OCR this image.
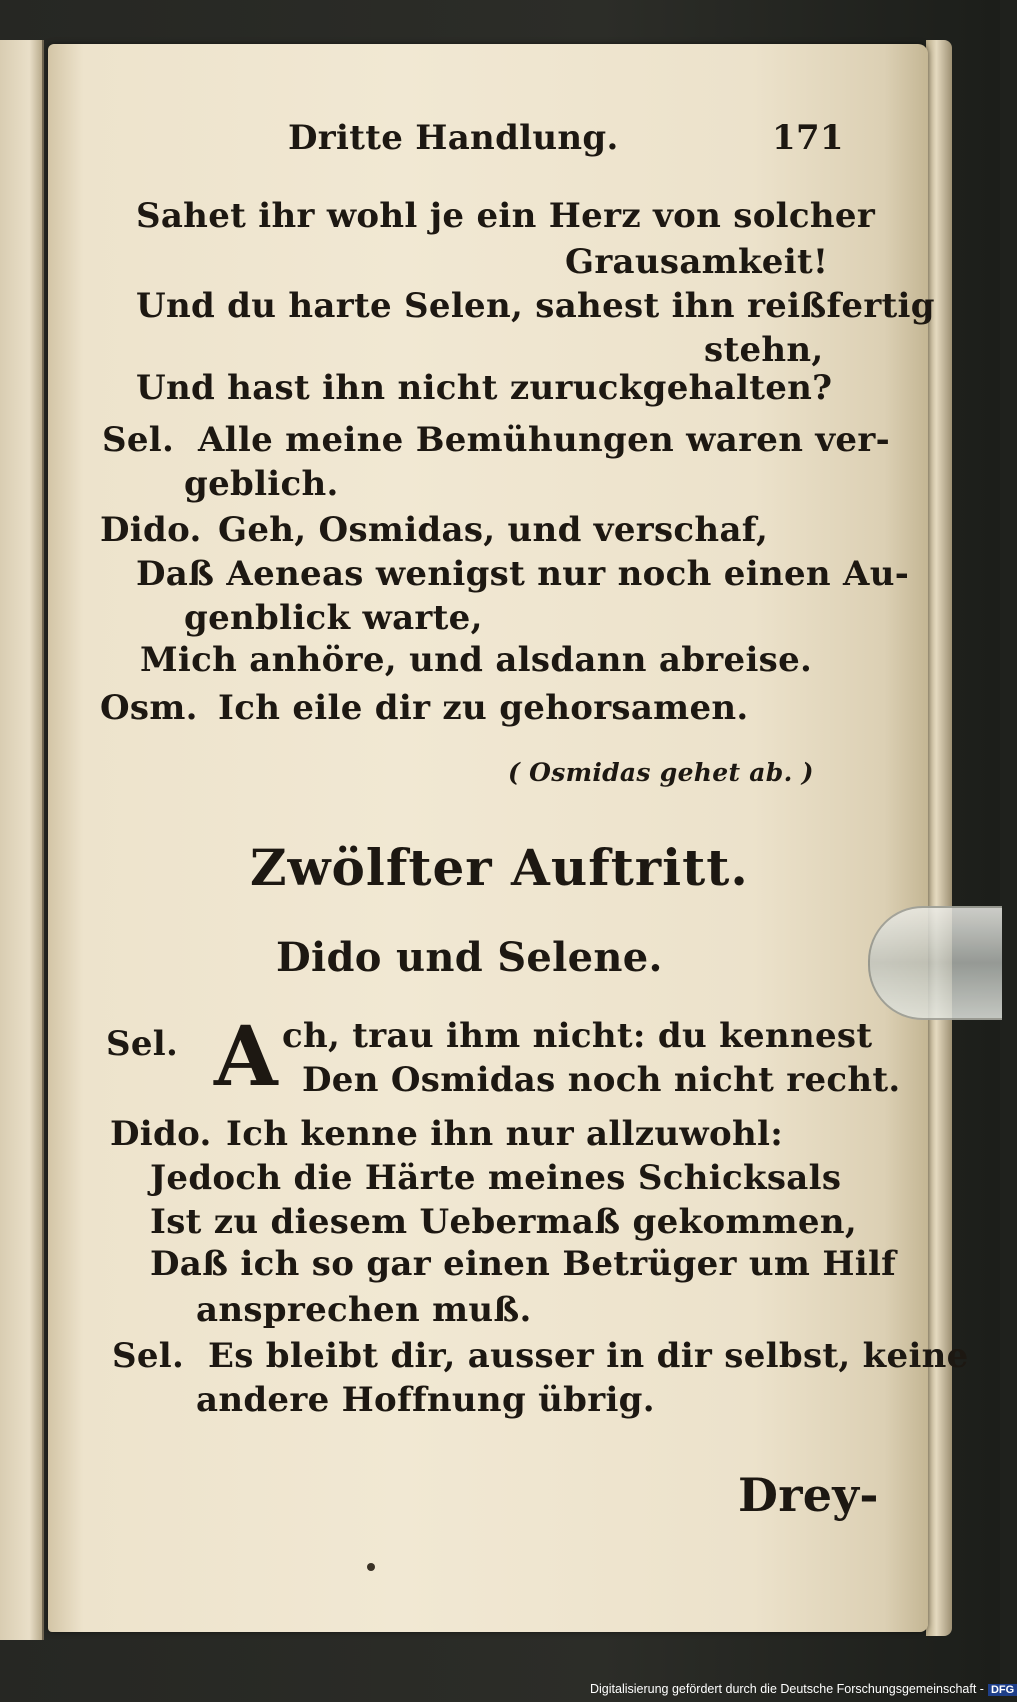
Dritte Handlung.	171
Sahet ihr wohl je ein Herz von solcher
Grausamkeit!
Und du harte Selen, sahest ihn reißfertig
stehn,
Und hast ihn nicht zuruckgehalten?
Sel. Alle meine Bemühungen waren ver-
geblich.
Dido. Geh, Osmidas, und verschaf,
Daß Aeneas wenigst nur noch einen Au-
genblick warte,
Mich anhöre, und alsdann abreise.
Osm. Ich eile dir zu gehorsamen.
( Osmidas gehet ab. )
Zwölfter Auftritt.
Dido und Selene.
Sel. A ch, trau ihm nicht: du kennest
Den Osmidas noch nicht recht.
Dido. Ich kenne ihn nur allzuwohl:
Jedoch die Härte meines Schicksals
Ist zu diesem Uebermaß gekommen,
Daß ich so gar einen Betrüger um Hilf
ansprechen muß.
Sel. Es bleibt dir, ausser in dir selbst, keine
andere Hoffnung übrig.
Drey-
Digitalisierung gefördert durch die Deutsche Forschungsgemeinschaft - DFG
